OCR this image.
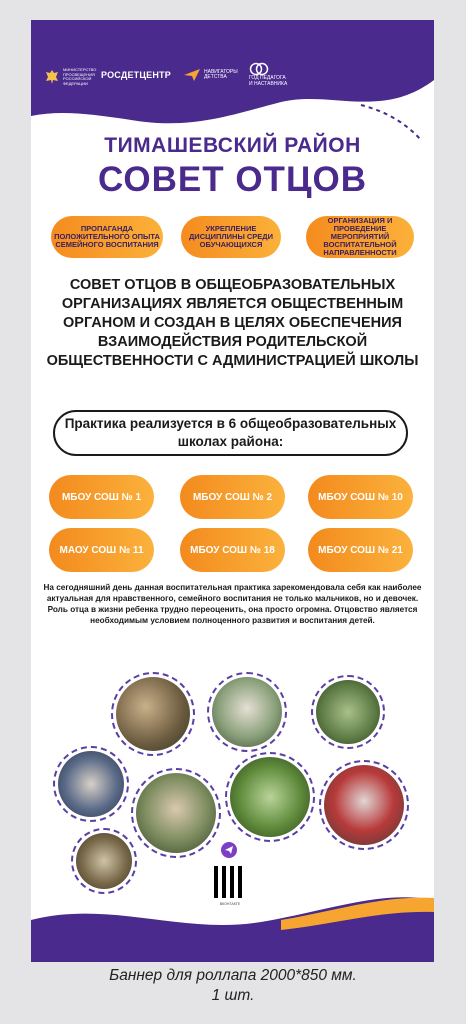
МИНИСТЕРСТВО ПРОСВЕЩЕНИЯ РОССИЙСКОЙ ФЕДЕРАЦИИ
РОСДЕТЦЕНТР	НАВИГАТОРЫ ДЕТСТВА	ГОД ПЕДАГОГА И НАСТАВНИКА
ТИМАШЕВСКИЙ РАЙОН
СОВЕТ ОТЦОВ
ПРОПАГАНДА ПОЛОЖИТЕЛЬНОГО ОПЫТА СЕМЕЙНОГО ВОСПИТАНИЯ
УКРЕПЛЕНИЕ ДИСЦИПЛИНЫ СРЕДИ ОБУЧАЮЩИХСЯ
ОРГАНИЗАЦИЯ И ПРОВЕДЕНИЕ МЕРОПРИЯТИЙ ВОСПИТАТЕЛЬНОЙ НАПРАВЛЕННОСТИ
СОВЕТ ОТЦОВ В ОБЩЕОБРАЗОВАТЕЛЬНЫХ ОРГАНИЗАЦИЯХ ЯВЛЯЕТСЯ ОБЩЕСТВЕННЫМ ОРГАНОМ И СОЗДАН В ЦЕЛЯХ ОБЕСПЕЧЕНИЯ ВЗАИМОДЕЙСТВИЯ РОДИТЕЛЬСКОЙ ОБЩЕСТВЕННОСТИ С АДМИНИСТРАЦИЕЙ ШКОЛЫ
Практика реализуется в 6 общеобразовательных школах района:
МБОУ СОШ № 1	МБОУ СОШ № 2	МБОУ СОШ № 10
МАОУ СОШ № 11	МБОУ СОШ № 18	МБОУ СОШ № 21
На сегодняшний день данная воспитательная практика зарекомендовала себя как наиболее актуальная для нравственного, семейного воспитания не только мальчиков, но и девочек. Роль отца в жизни ребенка трудно переоценить, она просто огромна. Отцовство является необходимым условием полноценного развития и воспитания детей.
ВКОНТАКТЕ
Баннер для роллапа 2000*850 мм.
1 шт.
